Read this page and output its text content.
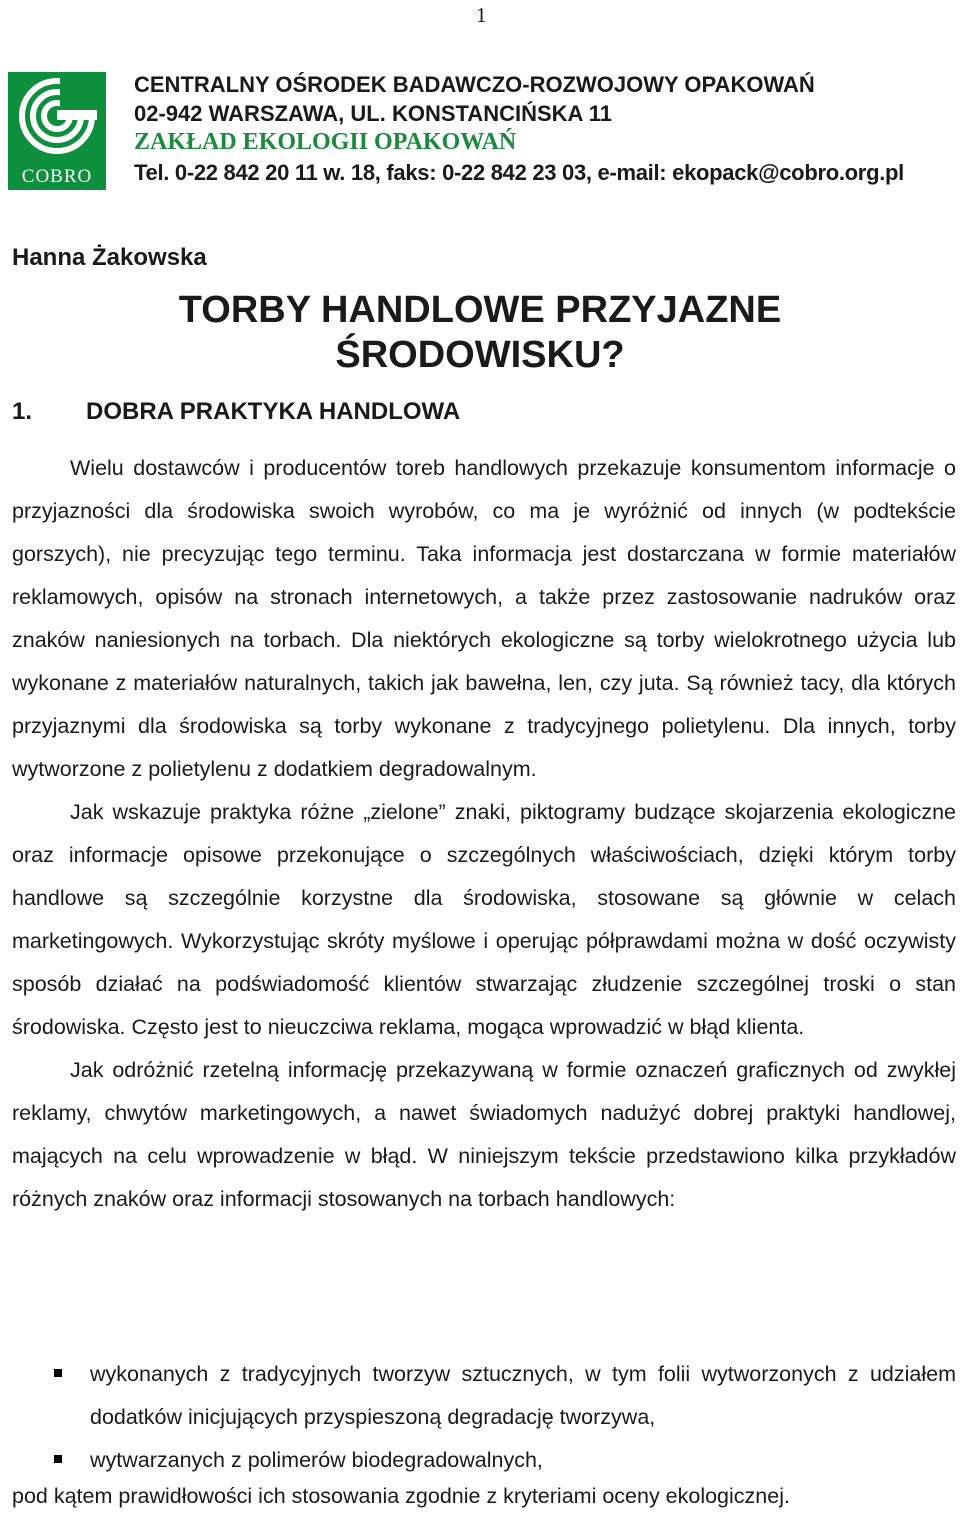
1
COBRO
CENTRALNY OŚRODEK BADAWCZO-ROZWOJOWY OPAKOWAŃ
02-942 WARSZAWA, UL. KONSTANCIŃSKA 11
ZAKŁAD EKOLOGII OPAKOWAŃ
Tel. 0-22 842 20 11 w. 18, faks: 0-22 842 23 03, e-mail: ekopack@cobro.org.pl
Hanna Żakowska
TORBY HANDLOWE PRZYJAZNE
ŚRODOWISKU?
1. DOBRA PRAKTYKA HANDLOWA

Wielu dostawców i producentów toreb handlowych przekazuje konsumentom informacje o przyjazności dla środowiska swoich wyrobów, co ma je wyróżnić od innych (w podtekście gorszych), nie precyzując tego terminu. Taka informacja jest dostarczana w formie materiałów reklamowych, opisów na stronach internetowych, a także przez zastosowanie nadruków oraz znaków naniesionych na torbach. Dla niektórych ekologiczne są torby wielokrotnego użycia lub wykonane z materiałów naturalnych, takich jak bawełna, len, czy juta. Są również tacy, dla których przyjaznymi dla środowiska są torby wykonane z tradycyjnego polietylenu. Dla innych, torby wytworzone z polietylenu z dodatkiem degradowalnym.

Jak wskazuje praktyka różne „zielone” znaki, piktogramy budzące skojarzenia ekologiczne oraz informacje opisowe przekonujące o szczególnych właściwościach, dzięki którym torby handlowe są szczególnie korzystne dla środowiska, stosowane są głównie w celach marketingowych. Wykorzystując skróty myślowe i operując półprawdami można w dość oczywisty sposób działać na podświadomość klientów stwarzając złudzenie szczególnej troski o stan środowiska. Często jest to nieuczciwa reklama, mogąca wprowadzić w błąd klienta.

Jak odróżnić rzetelną informację przekazywaną w formie oznaczeń graficznych od zwykłej reklamy, chwytów marketingowych, a nawet świadomych nadużyć dobrej praktyki handlowej, mających na celu wprowadzenie w błąd. W niniejszym tekście przedstawiono kilka przykładów różnych znaków oraz informacji stosowanych na torbach handlowych:

wykonanych z tradycyjnych tworzyw sztucznych, w tym folii wytworzonych z udziałem dodatków inicjujących przyspieszoną degradację tworzywa,
wytwarzanych z polimerów biodegradowalnych,
pod kątem prawidłowości ich stosowania zgodnie z kryteriami oceny ekologicznej.
